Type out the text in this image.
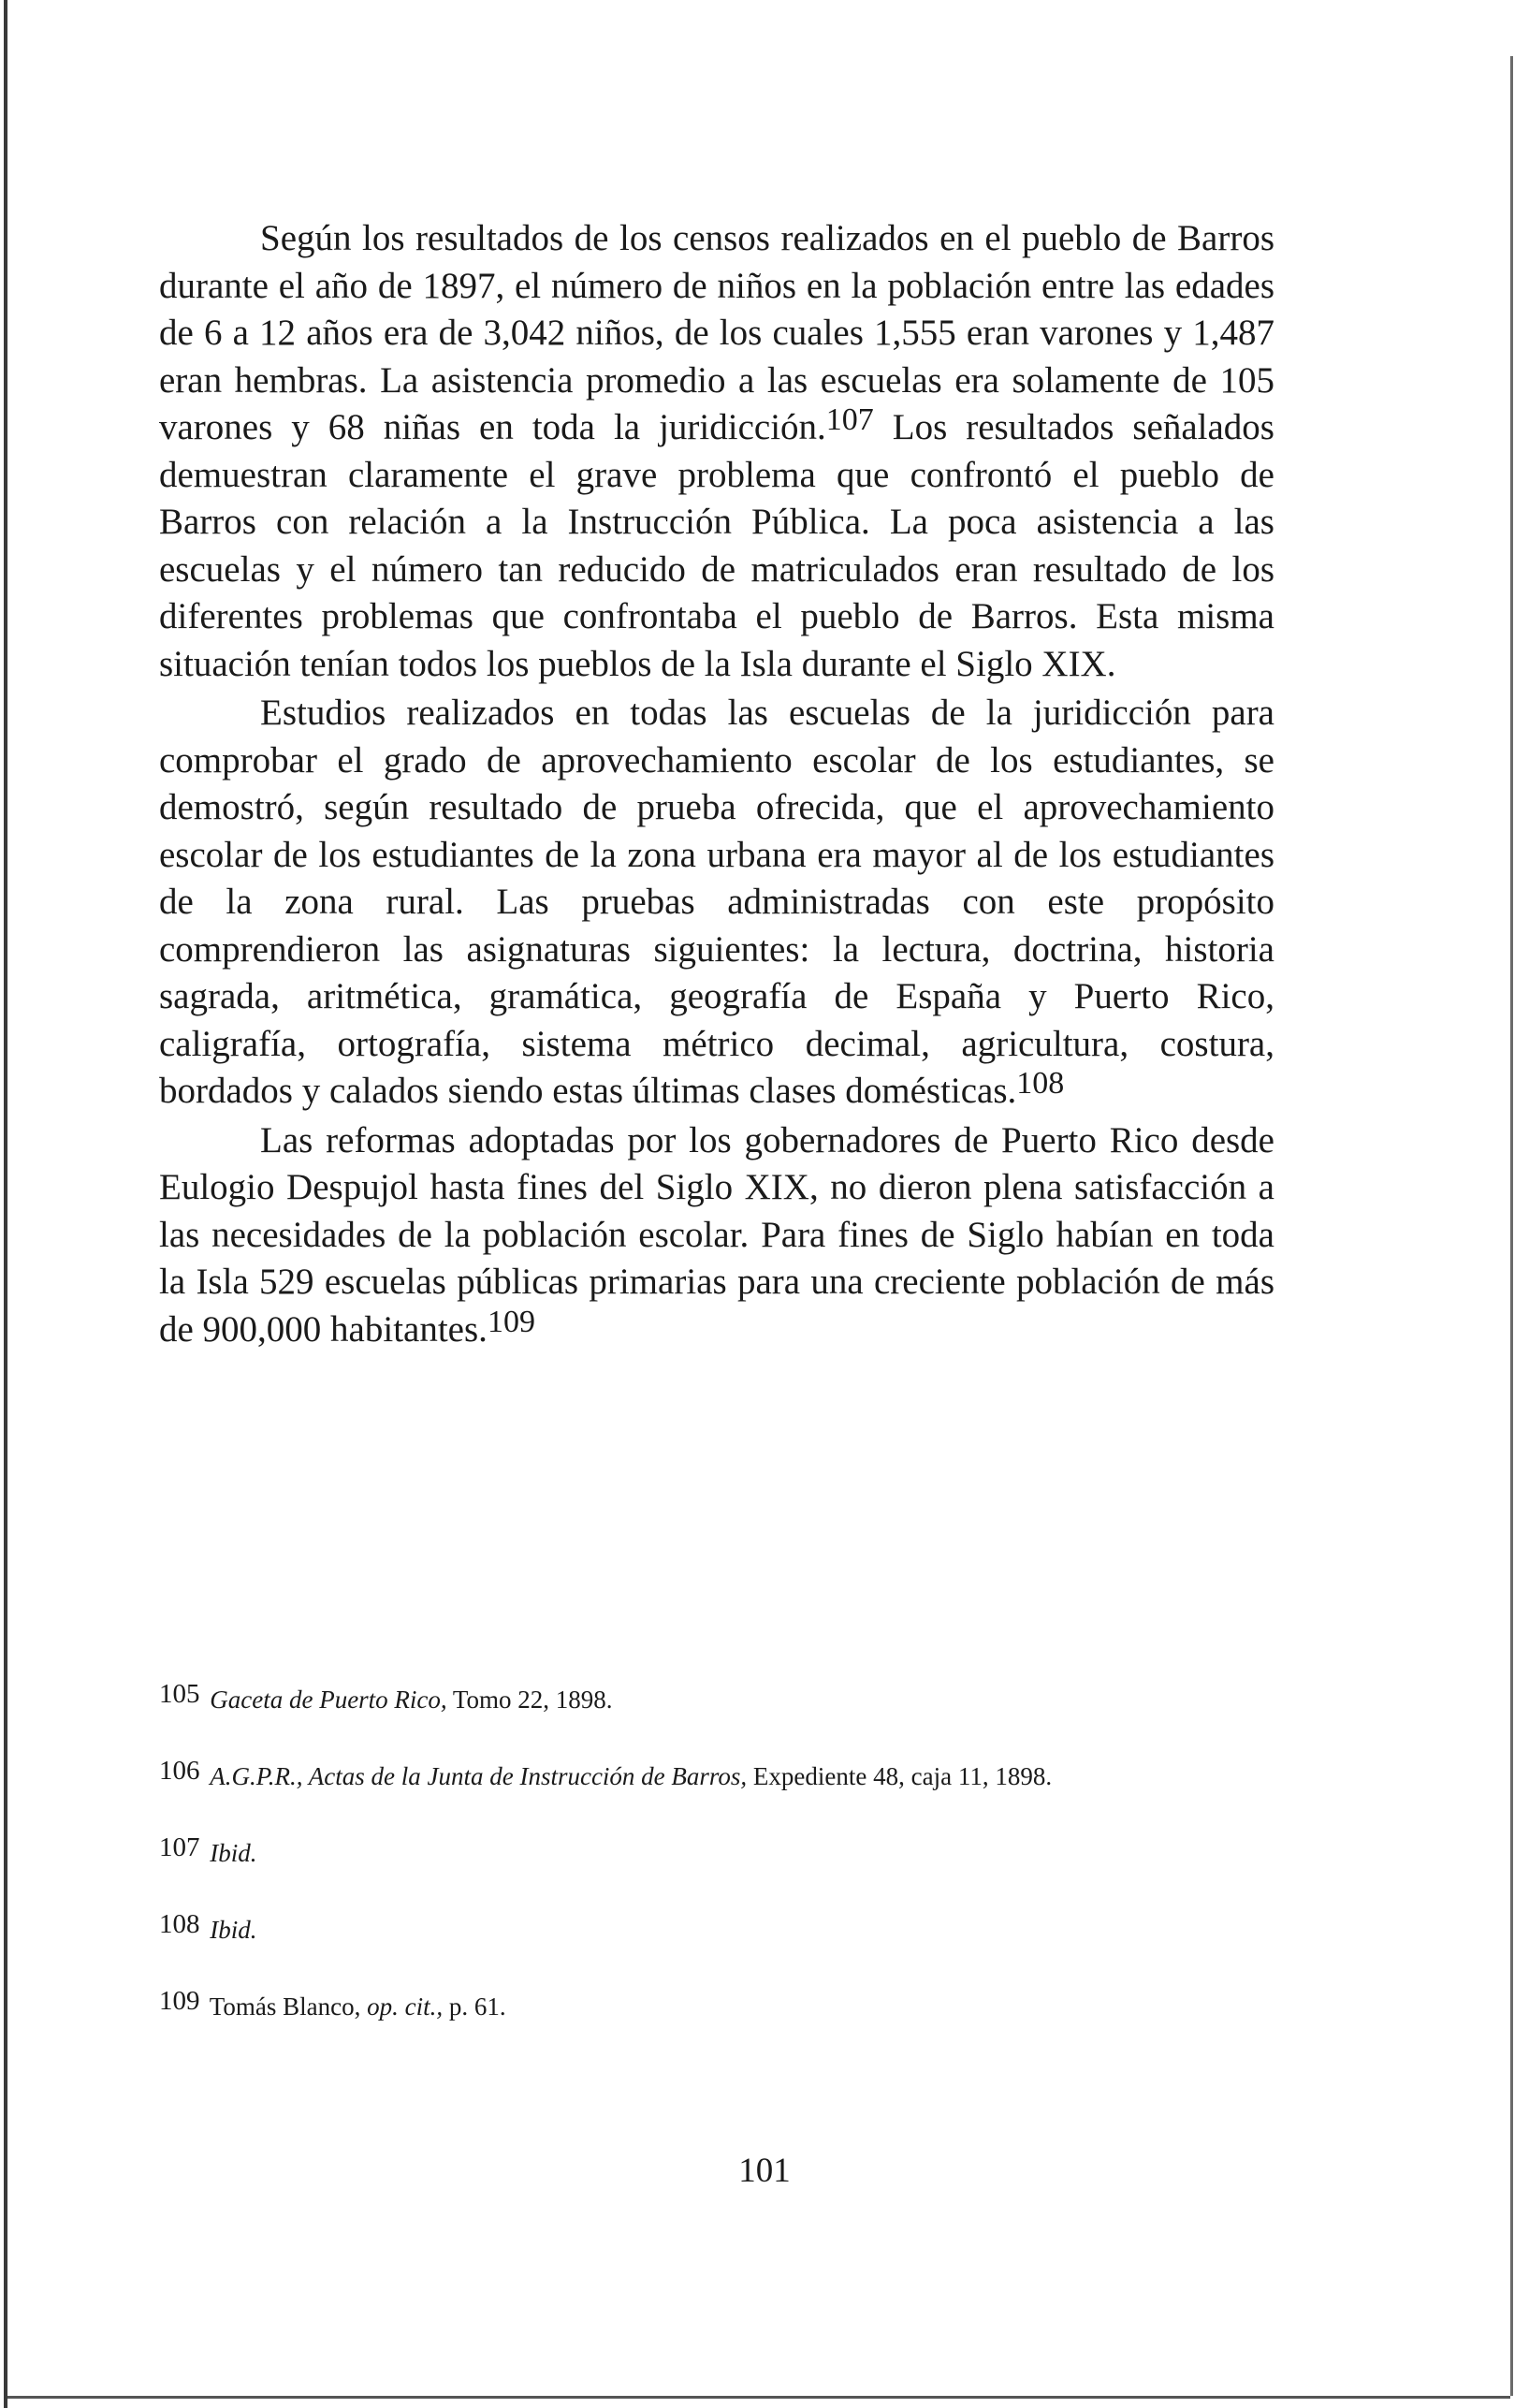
Según los resultados de los censos realizados en el pueblo de Barros durante el año de 1897, el número de niños en la población entre las edades de 6 a 12 años era de 3,042 niños, de los cuales 1,555 eran varones y 1,487 eran hembras. La asistencia promedio a las escuelas era solamente de 105 varones y 68 niñas en toda la juridicción.$^{107}$ Los resultados señalados demuestran claramente el grave problema que confrontó el pueblo de Barros con relación a la Instrucción Pública. La poca asistencia a las escuelas y el número tan reducido de matriculados eran resultado de los diferentes problemas que confrontaba el pueblo de Barros. Esta misma situación tenían todos los pueblos de la Isla durante el Siglo XIX.

Estudios realizados en todas las escuelas de la juridicción para comprobar el grado de aprovechamiento escolar de los estudiantes, se demostró, según resultado de prueba ofrecida, que el aprovechamiento escolar de los estudiantes de la zona urbana era mayor al de los estudiantes de la zona rural. Las pruebas administradas con este propósito comprendieron las asignaturas siguientes: la lectura, doctrina, historia sagrada, aritmética, gramática, geografía de España y Puerto Rico, caligrafía, ortografía, sistema métrico decimal, agricultura, costura, bordados y calados siendo estas últimas clases domésticas.$^{108}$

Las reformas adoptadas por los gobernadores de Puerto Rico desde Eulogio Despujol hasta fines del Siglo XIX, no dieron plena satisfacción a las necesidades de la población escolar. Para fines de Siglo habían en toda la Isla 529 escuelas públicas primarias para una creciente población de más de 900,000 habitantes.$^{109}$

105 Gaceta de Puerto Rico, Tomo 22, 1898.
106 A.G.P.R., Actas de la Junta de Instrucción de Barros, Expediente 48, caja 11, 1898.
107 Ibid.
108 Ibid.
109 Tomás Blanco, op. cit., p. 61.
101
